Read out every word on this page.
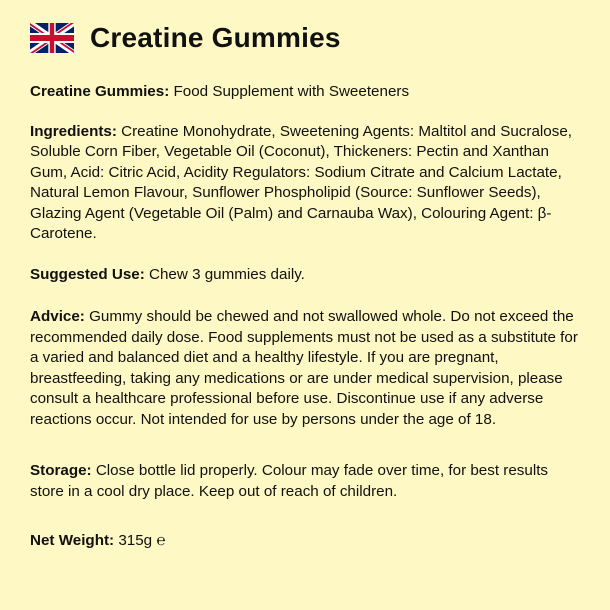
Creatine Gummies

Creatine Gummies: Food Supplement with Sweeteners

Ingredients: Creatine Monohydrate, Sweetening Agents: Maltitol and Sucralose, Soluble Corn Fiber, Vegetable Oil (Coconut), Thickeners: Pectin and Xanthan Gum, Acid: Citric Acid, Acidity Regulators: Sodium Citrate and Calcium Lactate, Natural Lemon Flavour, Sunflower Phospholipid (Source: Sunflower Seeds), Glazing Agent (Vegetable Oil (Palm) and Carnauba Wax), Colouring Agent: β-Carotene.

Suggested Use: Chew 3 gummies daily.

Advice: Gummy should be chewed and not swallowed whole. Do not exceed the recommended daily dose. Food supplements must not be used as a substitute for a varied and balanced diet and a healthy lifestyle. If you are pregnant, breastfeeding, taking any medications or are under medical supervision, please consult a healthcare professional before use. Discontinue use if any adverse reactions occur. Not intended for use by persons under the age of 18.

Storage: Close bottle lid properly. Colour may fade over time, for best results store in a cool dry place. Keep out of reach of children.

Net Weight: 315g ℮
